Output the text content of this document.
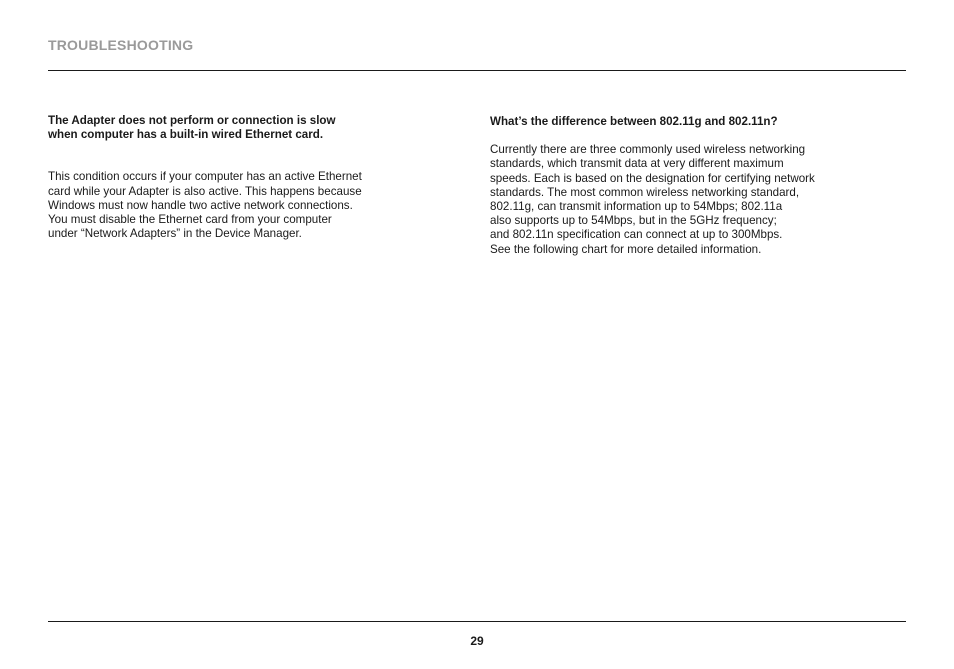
TROUBLESHOOTING

The Adapter does not perform or connection is slow
when computer has a built-in wired Ethernet card.

This condition occurs if your computer has an active Ethernet
card while your Adapter is also active. This happens because
Windows must now handle two active network connections.
You must disable the Ethernet card from your computer
under “Network Adapters” in the Device Manager.

What’s the difference between 802.11g and 802.11n?

Currently there are three commonly used wireless networking
standards, which transmit data at very different maximum
speeds. Each is based on the designation for certifying network
standards. The most common wireless networking standard,
802.11g, can transmit information up to 54Mbps; 802.11a
also supports up to 54Mbps, but in the 5GHz frequency;
and 802.11n specification can connect at up to 300Mbps.
See the following chart for more detailed information.

29
